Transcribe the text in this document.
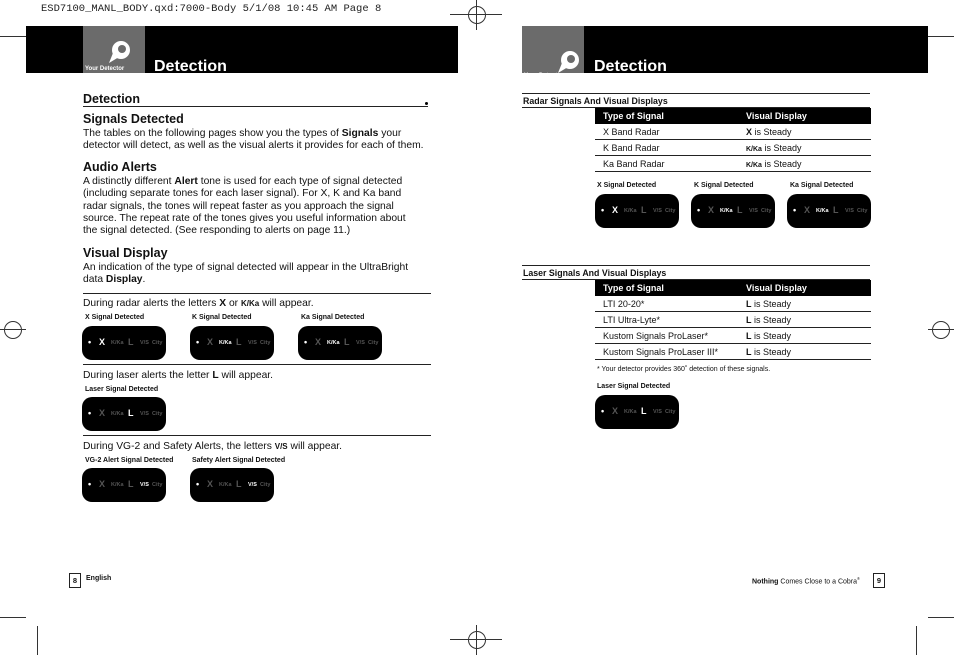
ESD7100_MANL_BODY.qxd:7000-Body 5/1/08 10:45 AM Page 8
Your Detector Detection
Your Detector
Detection
Detection
Signals Detected
The tables on the following pages show you the types of Signals your
detector will detect, as well as the visual alerts it provides for each of them.
Audio Alerts
A distinctly different Alert tone is used for each type of signal detected
(including separate tones for each laser signal). For X, K and Ka band
radar signals, the tones will repeat faster as you approach the signal
source. The repeat rate of the tones gives you useful information about
the signal detected. (See responding to alerts on page 11.)
Visual Display
An indication of the type of signal detected will appear in the UltraBright
data Display.
During radar alerts the letters X or K/Ka will appear.
X Signal Detected	K Signal Detected	Ka Signal Detected
• X K/Ka L V/S City	• X K/Ka L V/S City	• X K/Ka L V/S City
During laser alerts the letter L will appear.
Laser Signal Detected
• X K/Ka L V/S City
During VG-2 and Safety Alerts, the letters V/S will appear.
VG-2 Alert Signal Detected	Safety Alert Signal Detected
• X K/Ka L V/S City	• X K/Ka L V/S City
Radar Signals And Visual Displays
Type of Signal	Visual Display
X Band Radar	X is Steady
K Band Radar	K/Ka is Steady
Ka Band Radar	K/Ka is Steady
X Signal Detected	K Signal Detected	Ka Signal Detected
• X K/Ka L V/S City • X K/Ka L V/S City • X K/Ka L V/S City
Laser Signals And Visual Displays
Type of Signal	Visual Display
LTI 20-20*	L is Steady
LTI Ultra-Lyte*	L is Steady
Kustom Signals ProLaser*	L is Steady
Kustom Signals ProLaser III*	L is Steady
* Your detector provides 360˚ detection of these signals.
Laser Signal Detected
• X K/Ka L V/S City
8	English	Nothing Comes Close to a Cobra®	9
